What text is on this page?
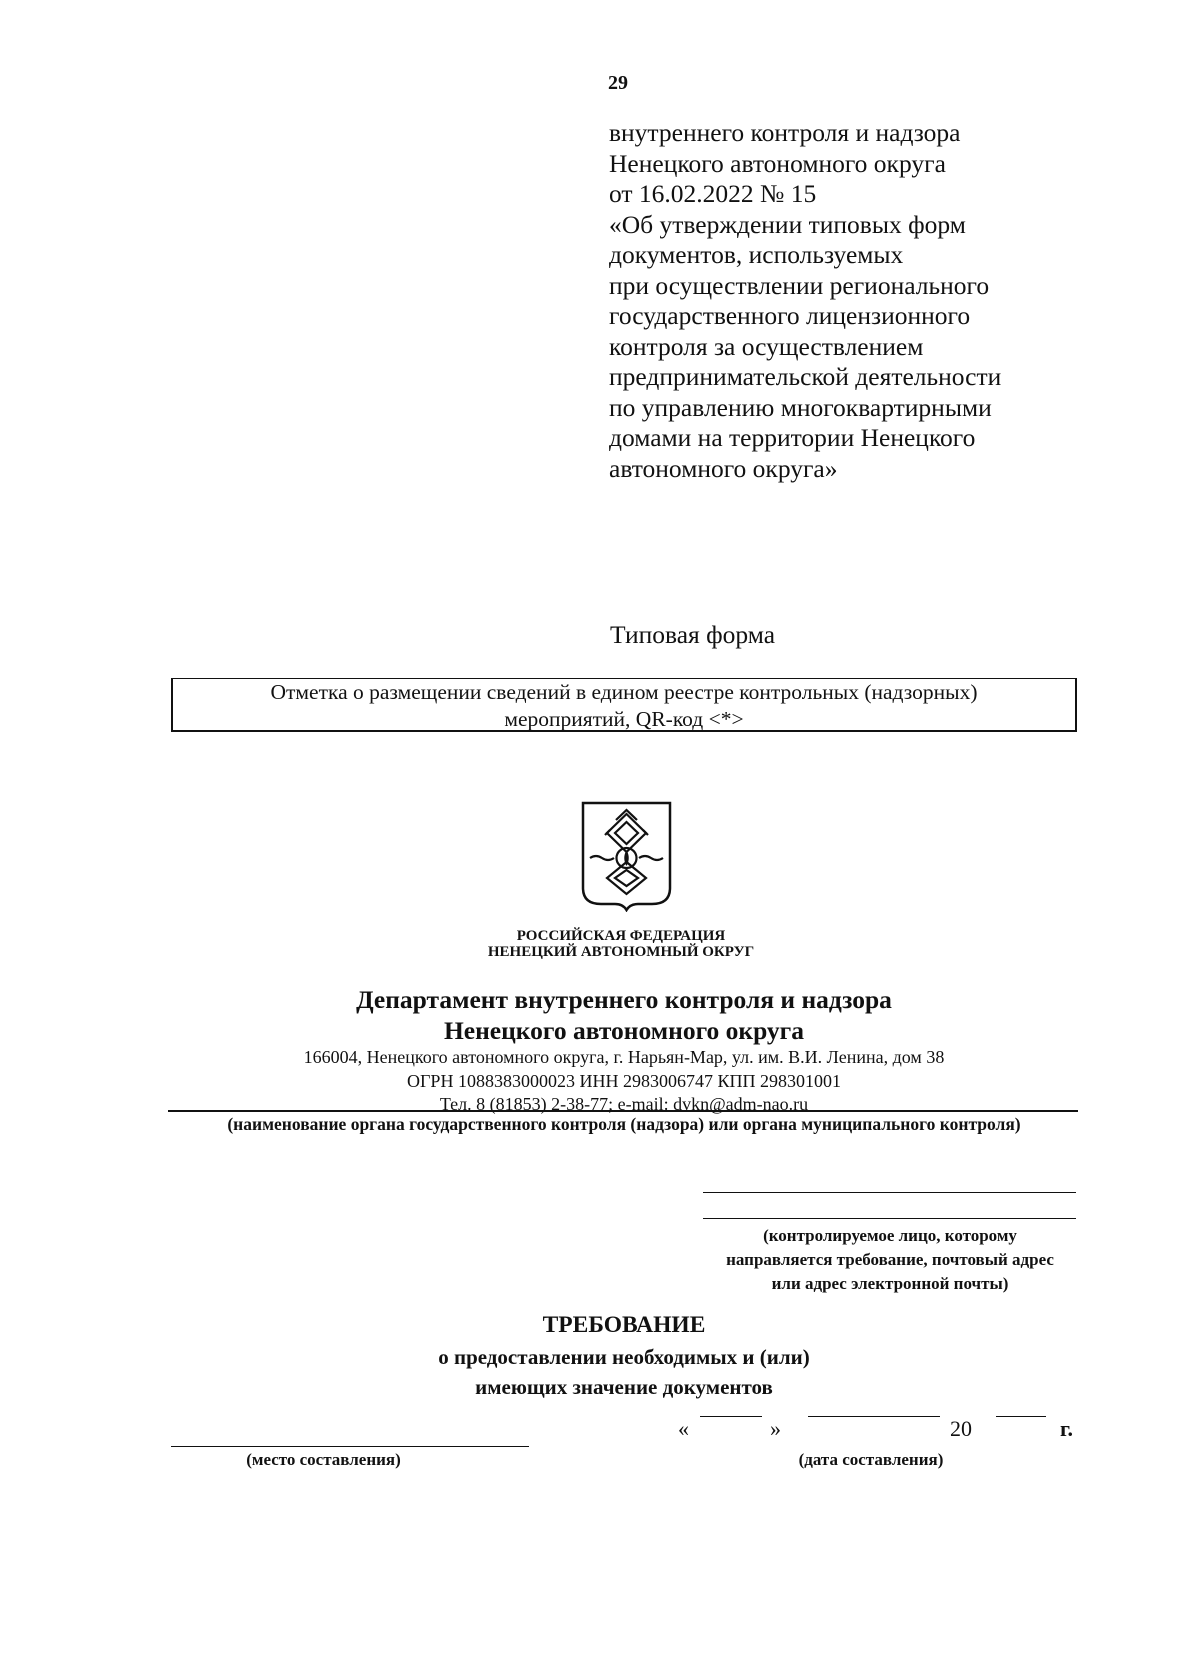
29
внутреннего контроля и надзора
Ненецкого автономного округа
от 16.02.2022 № 15
«Об утверждении типовых форм
документов, используемых
при осуществлении регионального
государственного лицензионного
контроля за осуществлением
предпринимательской деятельности
по управлению многоквартирными
домами на территории Ненецкого
автономного округа»
Типовая форма
Отметка о размещении сведений в едином реестре контрольных (надзорных)
мероприятий, QR-код <*>
РОССИЙСКАЯ ФЕДЕРАЦИЯ
НЕНЕЦКИЙ АВТОНОМНЫЙ ОКРУГ
Департамент внутреннего контроля и надзора
Ненецкого автономного округа
166004, Ненецкого автономного округа, г. Нарьян-Мар, ул. им. В.И. Ленина, дом 38
ОГРН 1088383000023 ИНН 2983006747 КПП 298301001
Тел. 8 (81853) 2-38-77; e-mail: dvkn@adm-nao.ru
(наименование органа государственного контроля (надзора) или органа муниципального контроля)
(контролируемое лицо, которому
направляется требование, почтовый адрес
или адрес электронной почты)
ТРЕБОВАНИЕ
о предоставлении необходимых и (или)
имеющих значение документов
(место составления)
«	»	20	г.
(дата составления)
